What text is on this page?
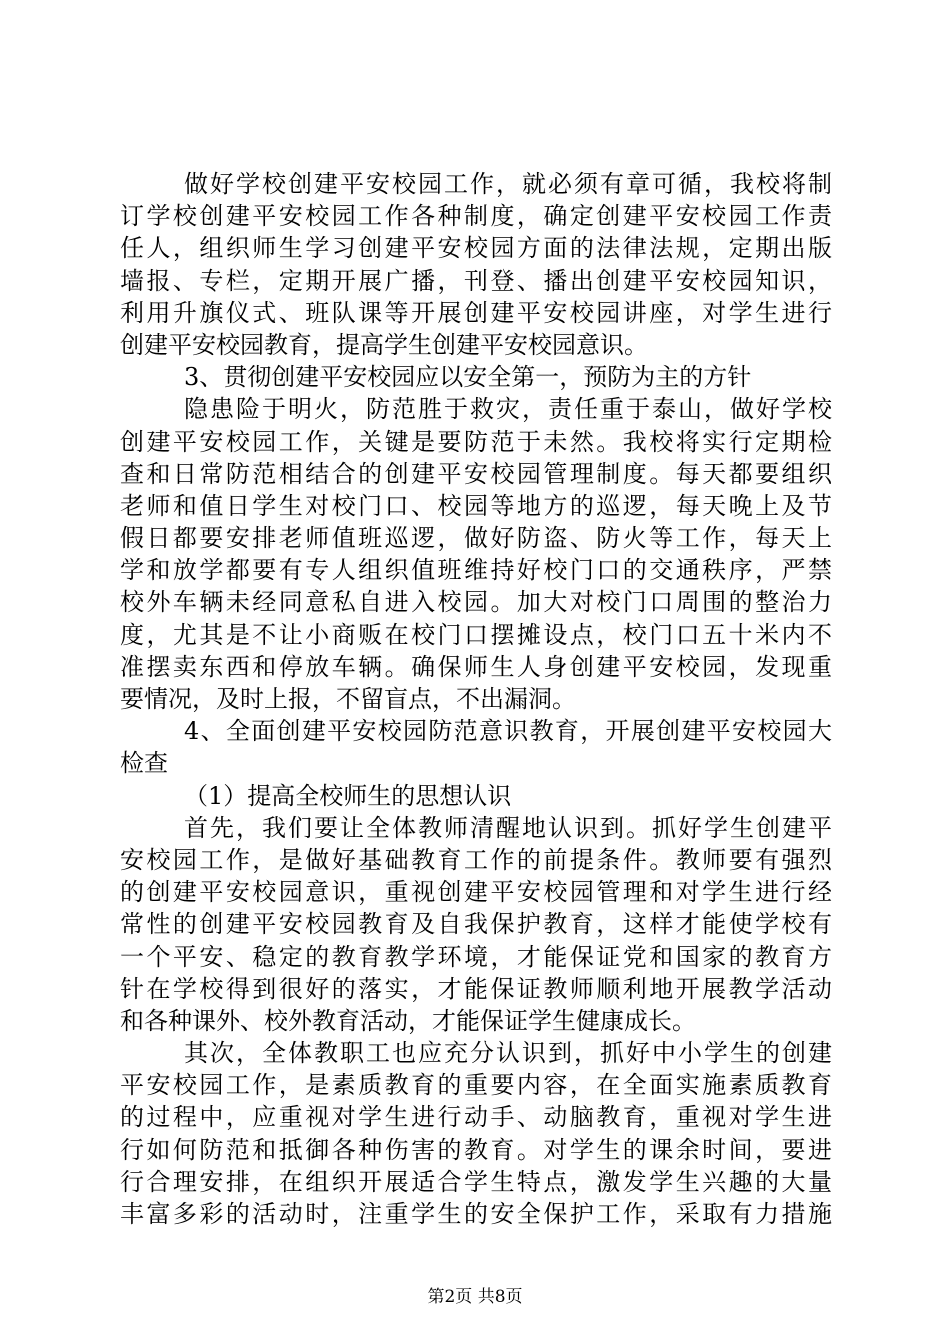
做好学校创建平安校园工作，就必须有章可循，我校将制
订学校创建平安校园工作各种制度，确定创建平安校园工作责
任人，组织师生学习创建平安校园方面的法律法规，定期出版
墙报、专栏，定期开展广播，刊登、播出创建平安校园知识，
利用升旗仪式、班队课等开展创建平安校园讲座，对学生进行
创建平安校园教育，提高学生创建平安校园意识。
3、贯彻创建平安校园应以安全第一，预防为主的方针
隐患险于明火，防范胜于救灾，责任重于泰山，做好学校
创建平安校园工作，关键是要防范于未然。我校将实行定期检
查和日常防范相结合的创建平安校园管理制度。每天都要组织
老师和值日学生对校门口、校园等地方的巡逻，每天晚上及节
假日都要安排老师值班巡逻，做好防盗、防火等工作，每天上
学和放学都要有专人组织值班维持好校门口的交通秩序，严禁
校外车辆未经同意私自进入校园。加大对校门口周围的整治力
度，尤其是不让小商贩在校门口摆摊设点，校门口五十米内不
准摆卖东西和停放车辆。确保师生人身创建平安校园，发现重
要情况，及时上报，不留盲点，不出漏洞。
4、全面创建平安校园防范意识教育，开展创建平安校园大
检查
（1）提高全校师生的思想认识
首先，我们要让全体教师清醒地认识到。抓好学生创建平
安校园工作，是做好基础教育工作的前提条件。教师要有强烈
的创建平安校园意识，重视创建平安校园管理和对学生进行经
常性的创建平安校园教育及自我保护教育，这样才能使学校有
一个平安、稳定的教育教学环境，才能保证党和国家的教育方
针在学校得到很好的落实，才能保证教师顺利地开展教学活动
和各种课外、校外教育活动，才能保证学生健康成长。
其次，全体教职工也应充分认识到，抓好中小学生的创建
平安校园工作，是素质教育的重要内容，在全面实施素质教育
的过程中，应重视对学生进行动手、动脑教育，重视对学生进
行如何防范和抵御各种伤害的教育。对学生的课余时间，要进
行合理安排，在组织开展适合学生特点，激发学生兴趣的大量
丰富多彩的活动时，注重学生的安全保护工作，采取有力措施
第2页 共8页
